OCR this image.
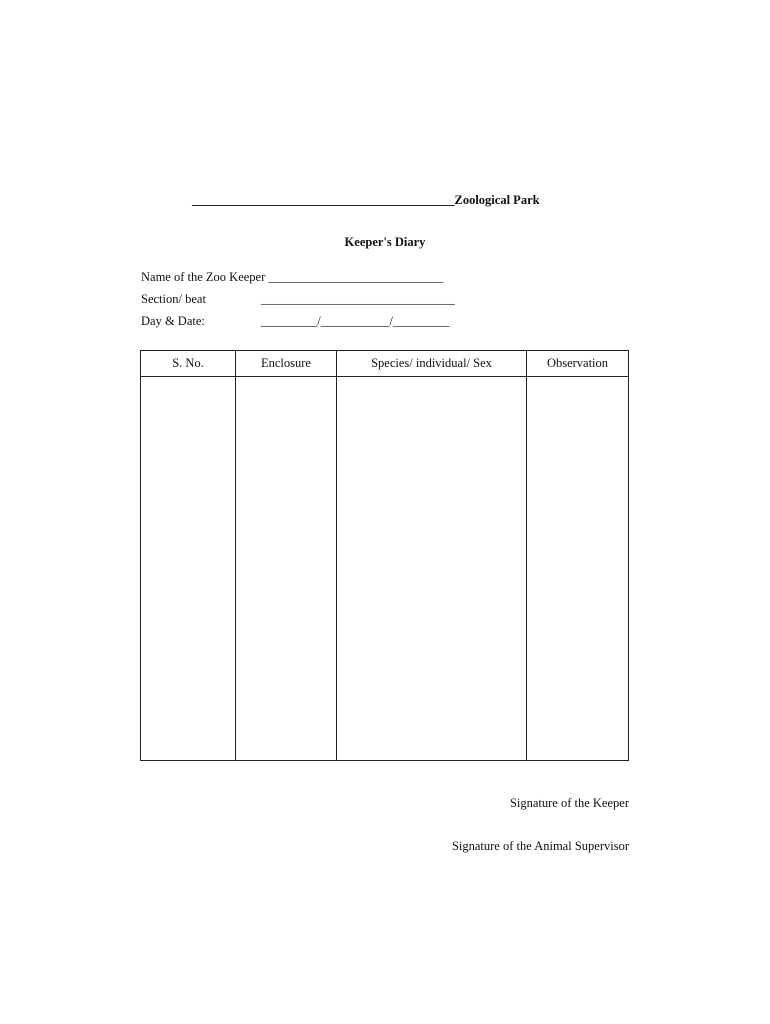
__________________________________________Zoological Park
Keeper's Diary
Name of the Zoo Keeper ____________________________
Section/ beat	_______________________________
Day & Date:	_________/___________/_________
S. No.	Enclosure	Species/ individual/ Sex	Observation
Signature of the Keeper
Signature of the Animal Supervisor
